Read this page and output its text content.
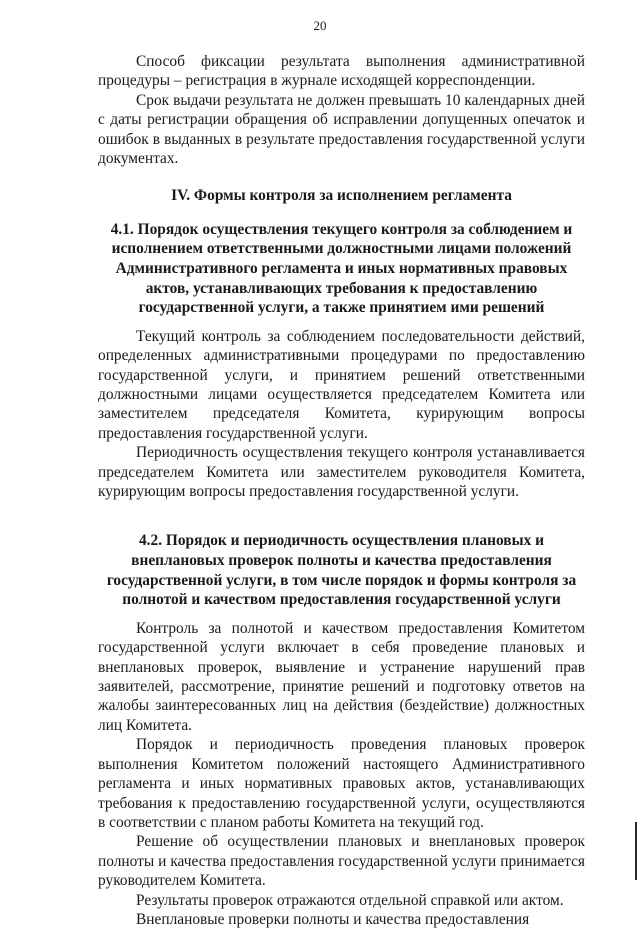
20

Способ фиксации результата выполнения административной процедуры – регистрация в журнале исходящей корреспонденции.

Срок выдачи результата не должен превышать 10 календарных дней с даты регистрации обращения об исправлении допущенных опечаток и ошибок в выданных в результате предоставления государственной услуги документах.

IV. Формы контроля за исполнением регламента
4.1. Порядок осуществления текущего контроля за соблюдением и исполнением ответственными должностными лицами положений Административного регламента и иных нормативных правовых актов, устанавливающих требования к предоставлению государственной услуги, а также принятием ими решений

Текущий контроль за соблюдением последовательности действий, определенных административными процедурами по предоставлению государственной услуги, и принятием решений ответственными должностными лицами осуществляется председателем Комитета или заместителем председателя Комитета, курирующим вопросы предоставления государственной услуги.

Периодичность осуществления текущего контроля устанавливается председателем Комитета или заместителем руководителя Комитета, курирующим вопросы предоставления государственной услуги.

4.2. Порядок и периодичность осуществления плановых и внеплановых проверок полноты и качества предоставления государственной услуги, в том числе порядок и формы контроля за полнотой и качеством предоставления государственной услуги

Контроль за полнотой и качеством предоставления Комитетом государственной услуги включает в себя проведение плановых и внеплановых проверок, выявление и устранение нарушений прав заявителей, рассмотрение, принятие решений и подготовку ответов на жалобы заинтересованных лиц на действия (бездействие) должностных лиц Комитета.

Порядок и периодичность проведения плановых проверок выполнения Комитетом положений настоящего Административного регламента и иных нормативных правовых актов, устанавливающих требования к предоставлению государственной услуги, осуществляются в соответствии с планом работы Комитета на текущий год.

Решение об осуществлении плановых и внеплановых проверок полноты и качества предоставления государственной услуги принимается руководителем Комитета.

Результаты проверок отражаются отдельной справкой или актом.

Внеплановые проверки полноты и качества предоставления
